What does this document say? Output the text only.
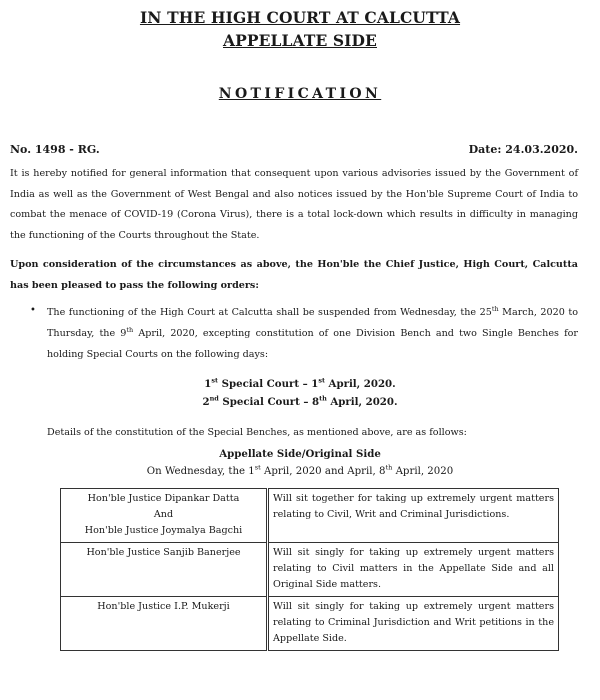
IN THE HIGH COURT AT CALCUTTA
APPELLATE SIDE
NOTIFICATION
No. 1498 - RG.	Date: 24.03.2020.
It is hereby notified for general information that consequent upon various advisories issued by the Government of India as well as the Government of West Bengal and also notices issued by the Hon'ble Supreme Court of India to combat the menace of COVID-19 (Corona Virus), there is a total lock-down which results in difficulty in managing the functioning of the Courts throughout the State.
Upon consideration of the circumstances as above, the Hon'ble the Chief Justice, High Court, Calcutta has been pleased to pass the following orders:
• The functioning of the High Court at Calcutta shall be suspended from Wednesday, the 25th March, 2020 to Thursday, the 9th April, 2020, excepting constitution of one Division Bench and two Single Benches for holding Special Courts on the following days:
1st Special Court – 1st April, 2020.
2nd Special Court – 8th April, 2020.
Details of the constitution of the Special Benches, as mentioned above, are as follows:
Appellate Side/Original Side
On Wednesday, the 1st April, 2020 and April, 8th April, 2020
Hon'ble Justice Dipankar Datta
And
Hon'ble Justice Joymalya Bagchi	Will sit together for taking up extremely urgent matters relating to Civil, Writ and Criminal Jurisdictions.
Hon'ble Justice Sanjib Banerjee	Will sit singly for taking up extremely urgent matters relating to Civil matters in the Appellate Side and all Original Side matters.
Hon'ble Justice I.P. Mukerji	Will sit singly for taking up extremely urgent matters relating to Criminal Jurisdiction and Writ petitions in the Appellate Side.
